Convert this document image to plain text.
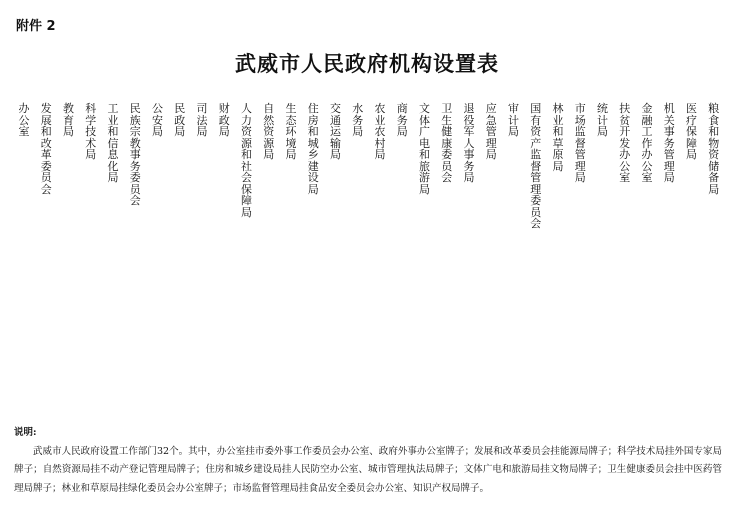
附件 2
武威市人民政府机构设置表
粮
食
和
物
资
储
备
局
医
疗
保
障
局
机
关
事
务
管
理
局
金
融
工
作
办
公
室
扶
贫
开
发
办
公
室
统
计
局
市
场
监
督
管
理
局
林
业
和
草
原
局
国
有
资
产
监
督
管
理
委
员
会
审
计
局
应
急
管
理
局
退
役
军
人
事
务
局
卫
生
健
康
委
员
会
文
体
广
电
和
旅
游
局
商
务
局
农
业
农
村
局
水
务
局
交
通
运
输
局
住
房
和
城
乡
建
设
局
生
态
环
境
局
自
然
资
源
局
人
力
资
源
和
社
会
保
障
局
财
政
局
司
法
局
民
政
局
公
安
局
民
族
宗
教
事
务
委
员
会
工
业
和
信
息
化
局
科
学
技
术
局
教
育
局
发
展
和
改
革
委
员
会
办
公
室
说明:
武威市人民政府设置工作部门32个。其中，办公室挂市委外事工作委员会办公室、政府外事办公室牌子；发展和改革委员会挂能源局牌子；科学技术局挂外国专家局牌子；自然资源局挂不动产登记管理局牌子；住房和城乡建设局挂人民防空办公室、城市管理执法局牌子；文体广电和旅游局挂文物局牌子；卫生健康委员会挂中医药管理局牌子；林业和草原局挂绿化委员会办公室牌子；市场监督管理局挂食品安全委员会办公室、知识产权局牌子。
